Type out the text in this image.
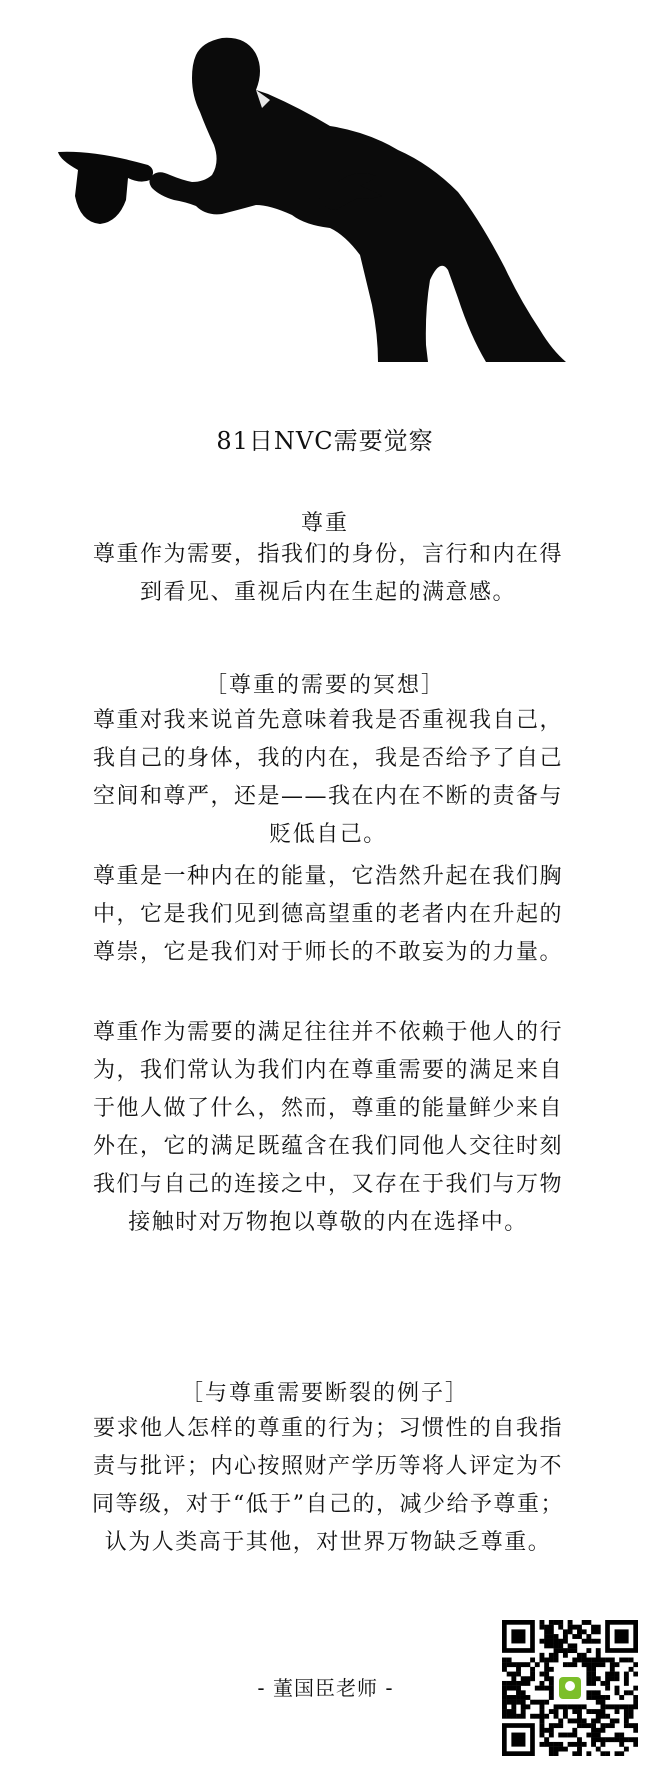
81日NVC需要觉察
尊重
尊重作为需要，指我们的身份，言行和内在得到看见、重视后内在生起的满意感。
［尊重的需要的冥想］
尊重对我来说首先意味着我是否重视我自己，我自己的身体，我的内在，我是否给予了自己空间和尊严，还是——我在内在不断的责备与贬低自己。
尊重是一种内在的能量，它浩然升起在我们胸中，它是我们见到德高望重的老者内在升起的尊崇，它是我们对于师长的不敢妄为的力量。
尊重作为需要的满足往往并不依赖于他人的行为，我们常认为我们内在尊重需要的满足来自于他人做了什么，然而，尊重的能量鲜少来自外在，它的满足既蕴含在我们同他人交往时刻我们与自己的连接之中，又存在于我们与万物接触时对万物抱以尊敬的内在选择中。
［与尊重需要断裂的例子］
要求他人怎样的尊重的行为；习惯性的自我指责与批评；内心按照财产学历等将人评定为不同等级，对于“低于”自己的，减少给予尊重；认为人类高于其他，对世界万物缺乏尊重。
- 董国臣老师 -
